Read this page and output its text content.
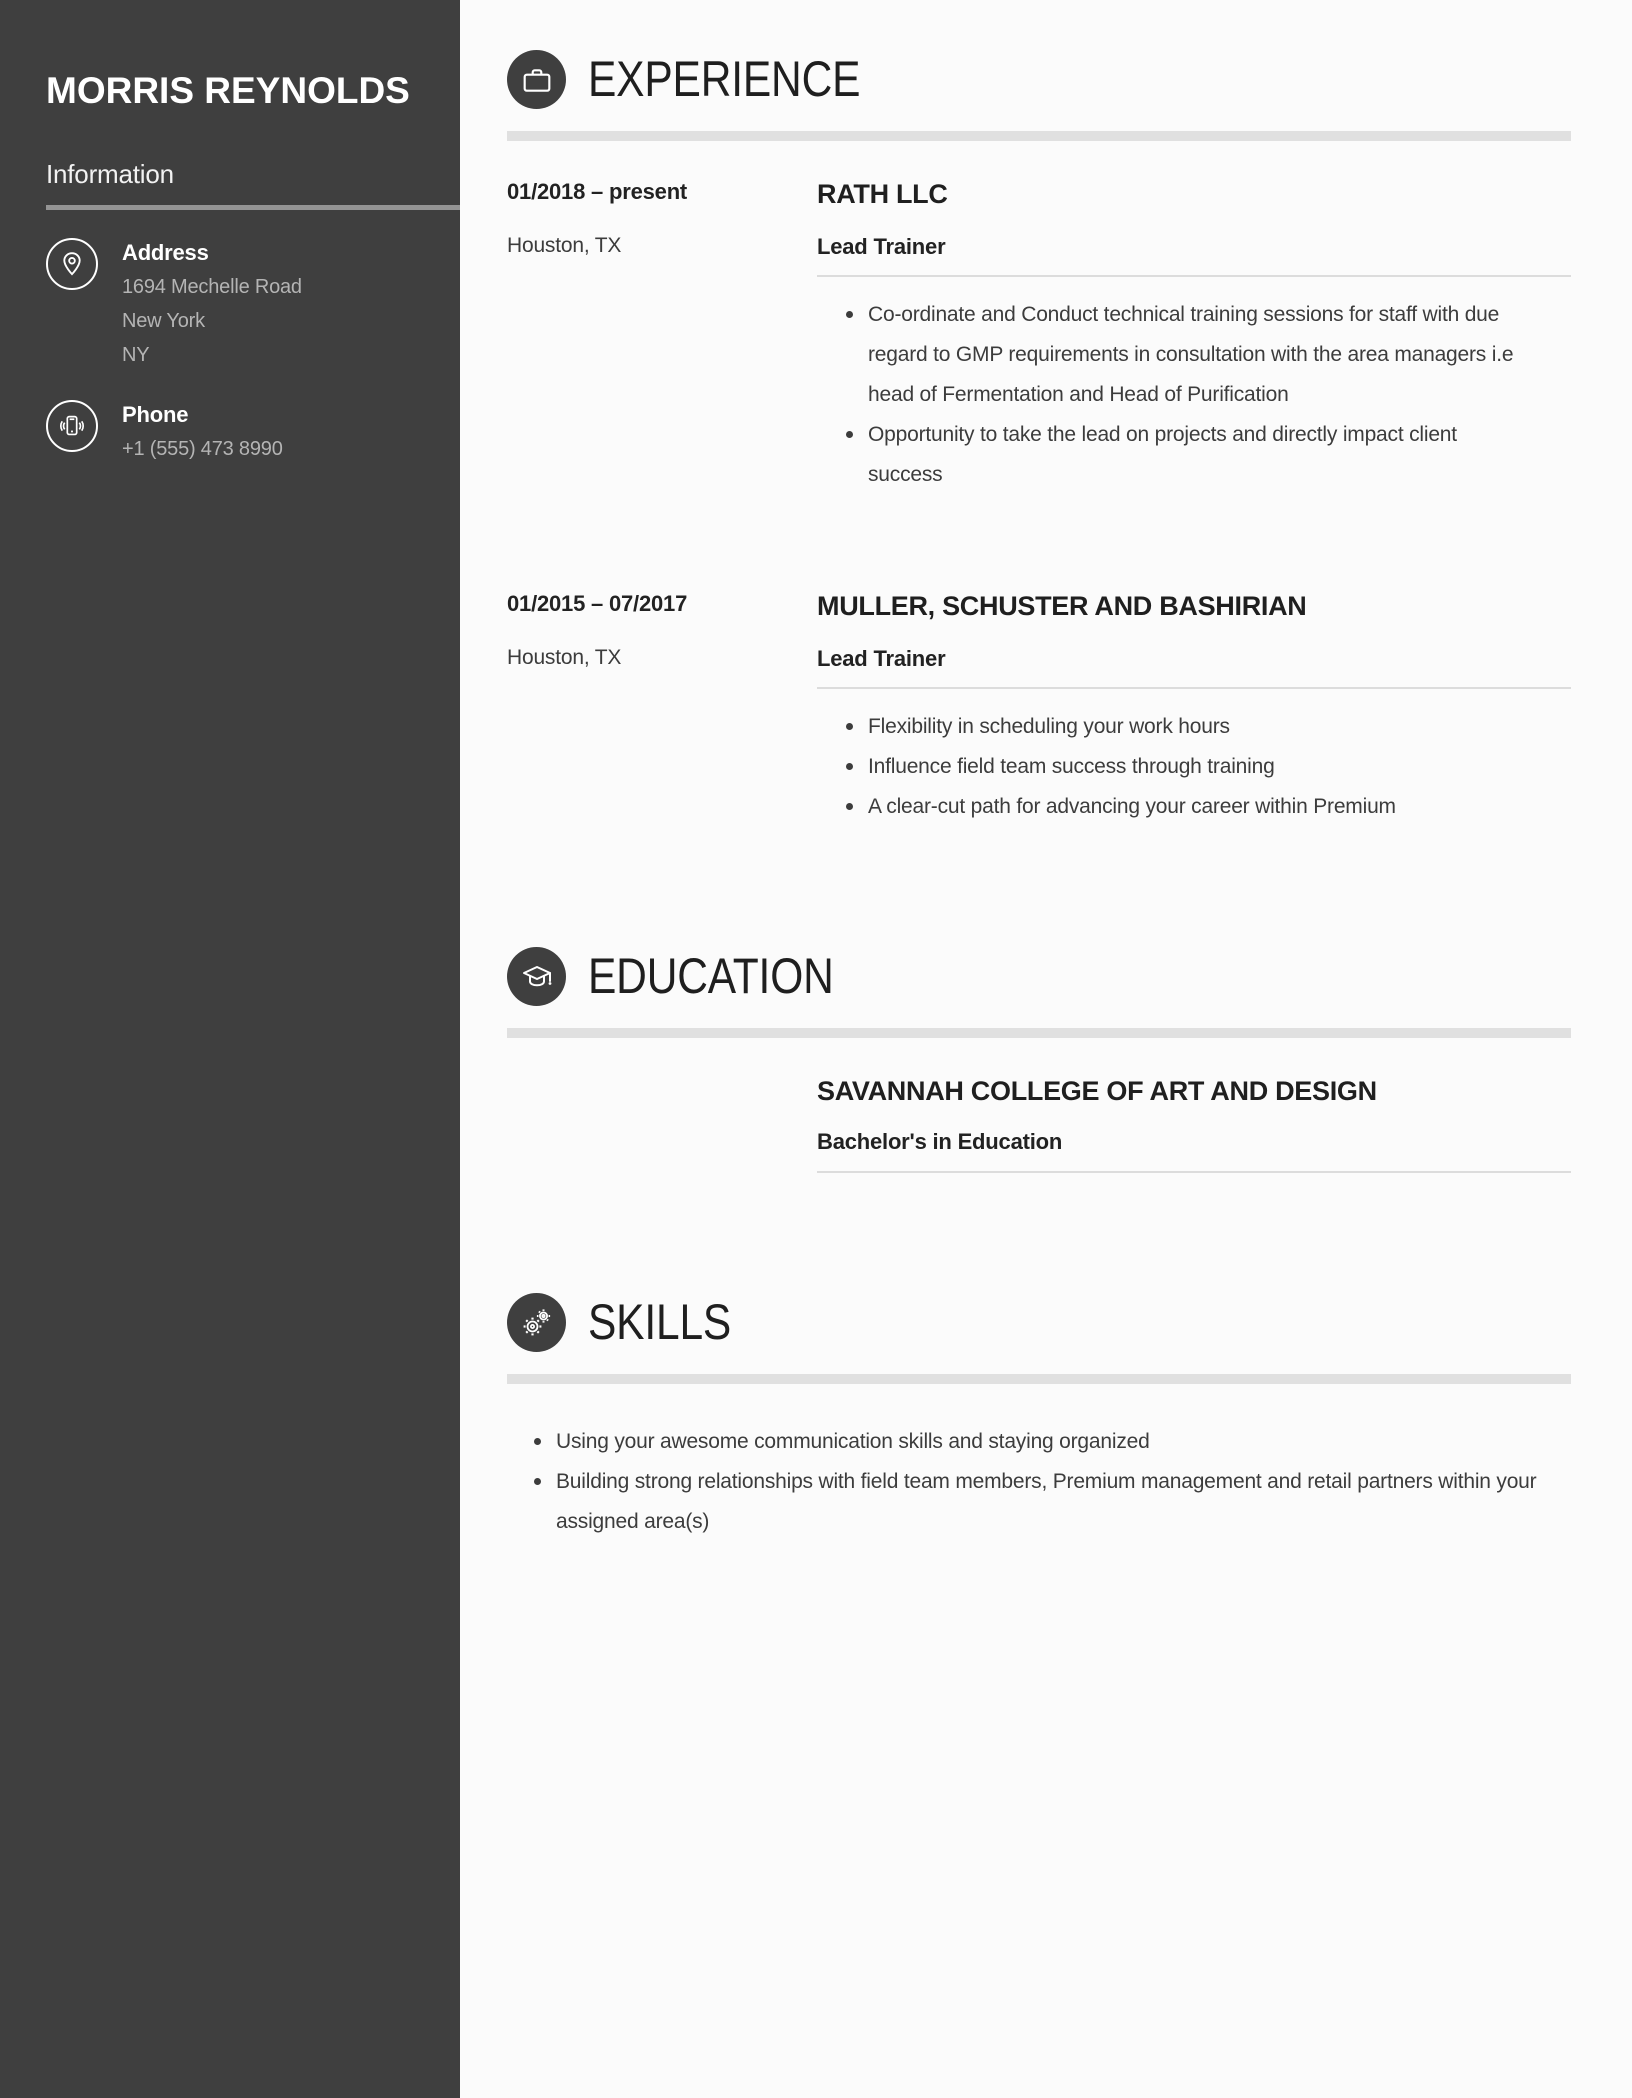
MORRIS REYNOLDS
Information
Address
1694 Mechelle Road
New York
NY
Phone
+1 (555) 473 8990
EXPERIENCE
01/2018 – present
Houston, TX
RATH LLC
Lead Trainer
Co-ordinate and Conduct technical training sessions for staff with due regard to GMP requirements in consultation with the area managers i.e head of Fermentation and Head of Purification
Opportunity to take the lead on projects and directly impact client success
01/2015 – 07/2017
Houston, TX
MULLER, SCHUSTER AND BASHIRIAN
Lead Trainer
Flexibility in scheduling your work hours
Influence field team success through training
A clear-cut path for advancing your career within Premium
EDUCATION
SAVANNAH COLLEGE OF ART AND DESIGN
Bachelor's in Education
SKILLS
Using your awesome communication skills and staying organized
Building strong relationships with field team members, Premium management and retail partners within your assigned area(s)
